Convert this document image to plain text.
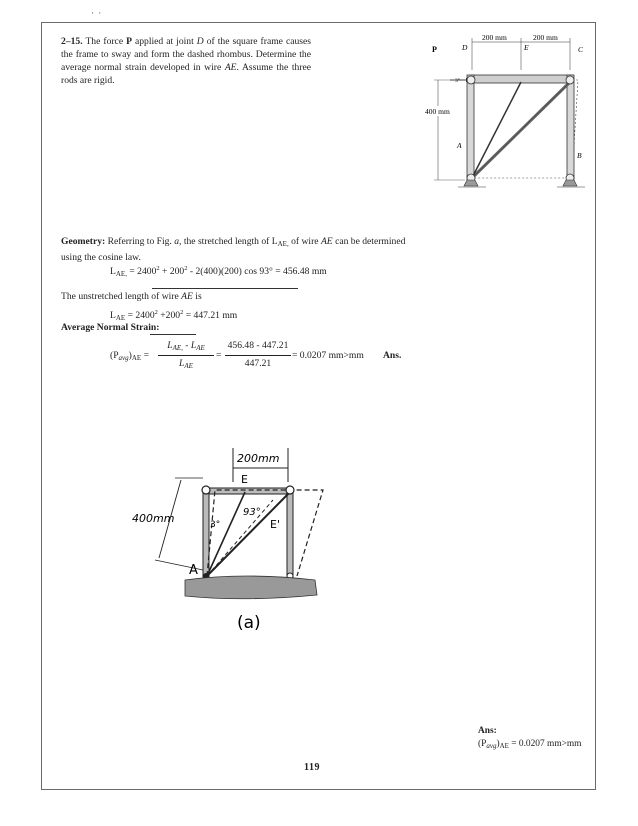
· ·
2–15. The force P applied at joint D of the square frame causes the frame to sway and form the dashed rhombus. Determine the average normal strain developed in wire AE. Assume the three rods are rigid.
200 mm	200 mm
P	D	E	C
400 mm
A
B
3°
Geometry: Referring to Fig. a, the stretched length of $L_{AE,}$ of wire AE can be determined using the cosine law.
$L_{AE,} = 2400^2 + 200^2 - 2(400)(200)$ cos 93° = 456.48 mm
The unstretched length of wire AE is
$L_{AE} = 2400^2 +200^2 = 447.21$ mm
Average Normal Strain:
$(P_{avg})_{AE}$ =
$L_{AE,} - L_{AE}$
$L_{AE}$
=
456.48 - 447.21
447.21
= 0.0207 mm>mm Ans.
200mm
400mm
E
E'
93°
3°
A
(a)
Ans:
$(P_{avg})_{AE} = 0.0207$ mm>mm
119
